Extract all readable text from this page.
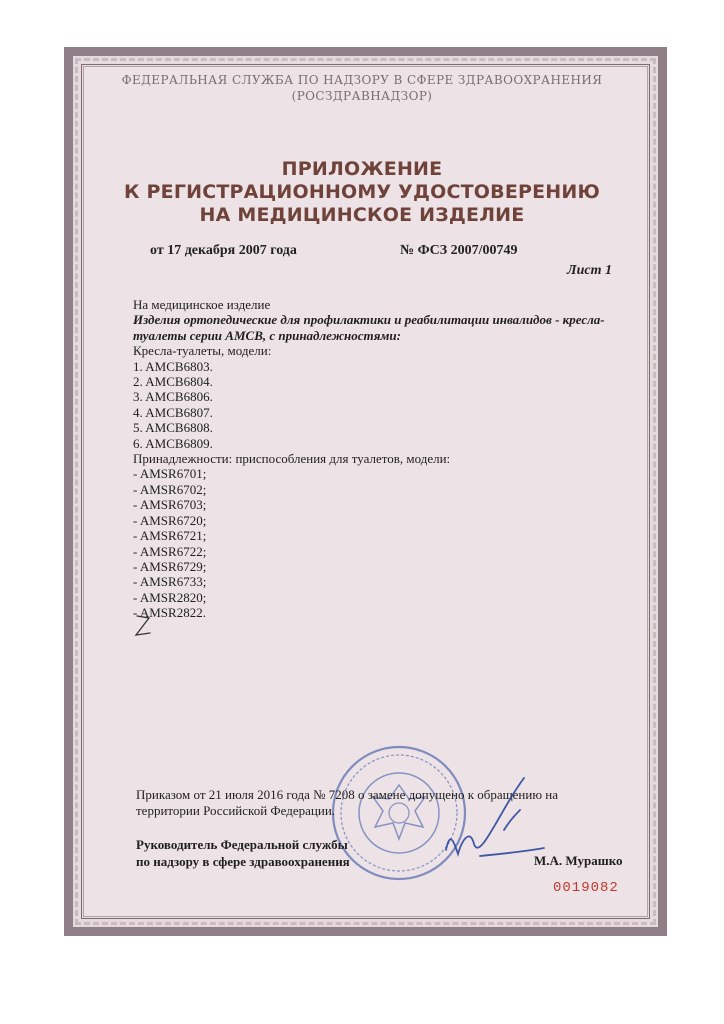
ФЕДЕРАЛЬНАЯ СЛУЖБА ПО НАДЗОРУ В СФЕРЕ ЗДРАВООХРАНЕНИЯ
(РОСЗДРАВНАДЗОР)
ПРИЛОЖЕНИЕ
К РЕГИСТРАЦИОННОМУ УДОСТОВЕРЕНИЮ
НА МЕДИЦИНСКОЕ ИЗДЕЛИЕ
от 17 декабря 2007 года	№ ФСЗ 2007/00749
Лист 1
На медицинское изделие
Изделия ортопедические для профилактики и реабилитации инвалидов - кресла-
туалеты серии AMCB, с принадлежностями:
Кресла-туалеты, модели:
1. AMCB6803.
2. AMCB6804.
3. AMCB6806.
4. AMCB6807.
5. AMCB6808.
6. AMCB6809.
Принадлежности: приспособления для туалетов, модели:
- AMSR6701;
- AMSR6702;
- AMSR6703;
- AMSR6720;
- AMSR6721;
- AMSR6722;
- AMSR6729;
- AMSR6733;
- AMSR2820;
- AMSR2822.
Приказом от 21 июля 2016 года № 7208 о замене допущено к обращению на
территории Российской Федерации.
Руководитель Федеральной службы
по надзору в сфере здравоохранения	М.А. Мурашко
0019082
